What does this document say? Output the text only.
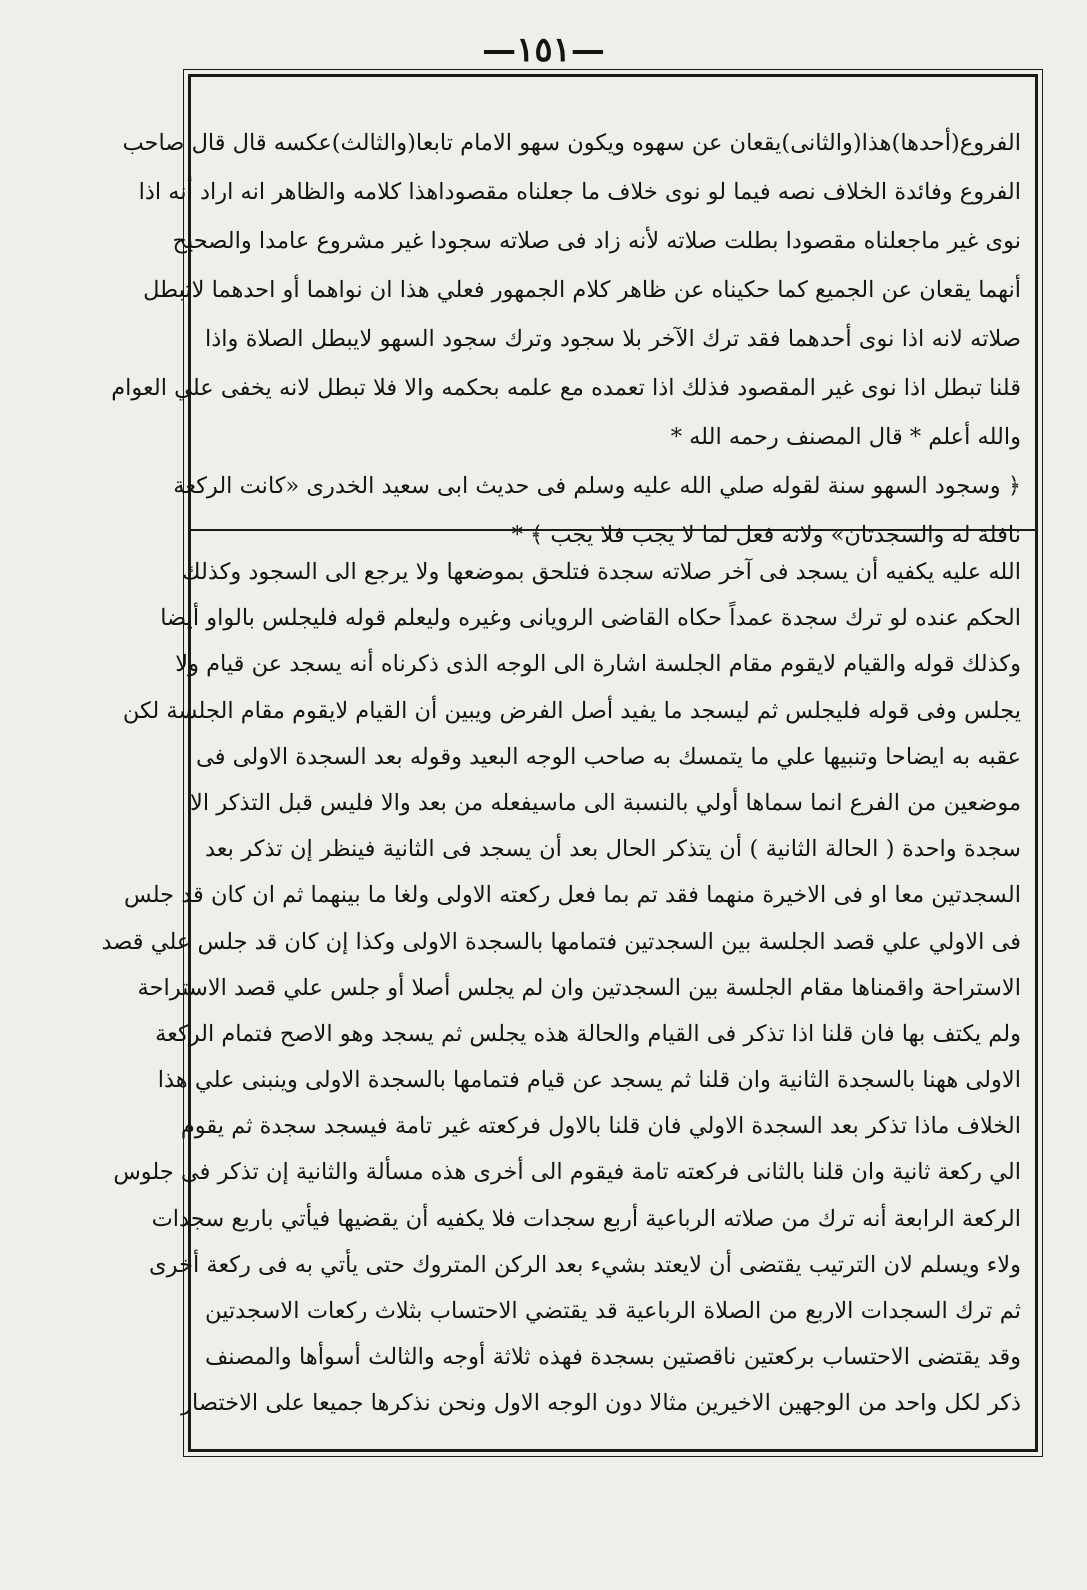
—١٥١—
الفروع(أحدها)هذا(والثانى)يقعان عن سهوه ويكون سهو الامام تابعا(والثالث)عكسه قال قال صاحب
الفروع وفائدة الخلاف نصه فيما لو نوى خلاف ما جعلناه مقصوداهذا كلامه والظاهر انه اراد أنه اذا
نوى غير ماجعلناه مقصودا بطلت صلاته لأنه زاد فى صلاته سجودا غير مشروع عامدا والصحيح
أنهما يقعان عن الجميع كما حكيناه عن ظاهر كلام الجمهور فعلي هذا ان نواهما أو احدهما لاتبطل
صلاته لانه اذا نوى أحدهما فقد ترك الآخر بلا سجود وترك سجود السهو لايبطل الصلاة واذا
قلنا تبطل اذا نوى غير المقصود فذلك اذا تعمده مع علمه بحكمه والا فلا تبطل لانه يخفى علي العوام
والله أعلم * قال المصنف رحمه الله *
﴿ وسجود السهو سنة لقوله صلي الله عليه وسلم فى حديث ابى سعيد الخدرى «كانت الركعة
نافلة له والسجدتان» ولانه فعل لما لا يجب فلا يجب ﴾ *
الله عليه يكفيه أن يسجد فى آخر صلاته سجدة فتلحق بموضعها ولا يرجع الى السجود وكذلك
الحكم عنده لو ترك سجدة عمداً حكاه القاضى الرويانى وغيره وليعلم قوله فليجلس بالواو أيضا
وكذلك قوله والقيام لايقوم مقام الجلسة اشارة الى الوجه الذى ذكرناه أنه يسجد عن قيام ولا
يجلس وفى قوله فليجلس ثم ليسجد ما يفيد أصل الفرض ويبين أن القيام لايقوم مقام الجلسة لكن
عقبه به ايضاحا وتنبيها علي ما يتمسك به صاحب الوجه البعيد وقوله بعد السجدة الاولى فى
موضعين من الفرع انما سماها أولي بالنسبة الى ماسيفعله من بعد والا فليس قبل التذكر الا
سجدة واحدة ( الحالة الثانية ) أن يتذكر الحال بعد أن يسجد فى الثانية فينظر إن تذكر بعد
السجدتين معا او فى الاخيرة منهما فقد تم بما فعل ركعته الاولى ولغا ما بينهما ثم ان كان قد جلس
فى الاولي علي قصد الجلسة بين السجدتين فتمامها بالسجدة الاولى وكذا إن كان قد جلس علي قصد
الاستراحة واقمناها مقام الجلسة بين السجدتين وان لم يجلس أصلا أو جلس علي قصد الاستراحة
ولم يكتف بها فان قلنا اذا تذكر فى القيام والحالة هذه يجلس ثم يسجد وهو الاصح فتمام الركعة
الاولى ههنا بالسجدة الثانية وان قلنا ثم يسجد عن قيام فتمامها بالسجدة الاولى وينبنى علي هذا
الخلاف ماذا تذكر بعد السجدة الاولي فان قلنا بالاول فركعته غير تامة فيسجد سجدة ثم يقوم
الي ركعة ثانية وان قلنا بالثانى فركعته تامة فيقوم الى أخرى هذه مسألة والثانية إن تذكر فى جلوس
الركعة الرابعة أنه ترك من صلاته الرباعية أربع سجدات فلا يكفيه أن يقضيها فيأتي باربع سجدات
ولاء ويسلم لان الترتيب يقتضى أن لايعتد بشيء بعد الركن المتروك حتى يأتي به فى ركعة أخرى
ثم ترك السجدات الاربع من الصلاة الرباعية قد يقتضي الاحتساب بثلاث ركعات الاسجدتين
وقد يقتضى الاحتساب بركعتين ناقصتين بسجدة فهذه ثلاثة أوجه والثالث أسوأها والمصنف
ذكر لكل واحد من الوجهين الاخيرين مثالا دون الوجه الاول ونحن نذكرها جميعا على الاختصار
